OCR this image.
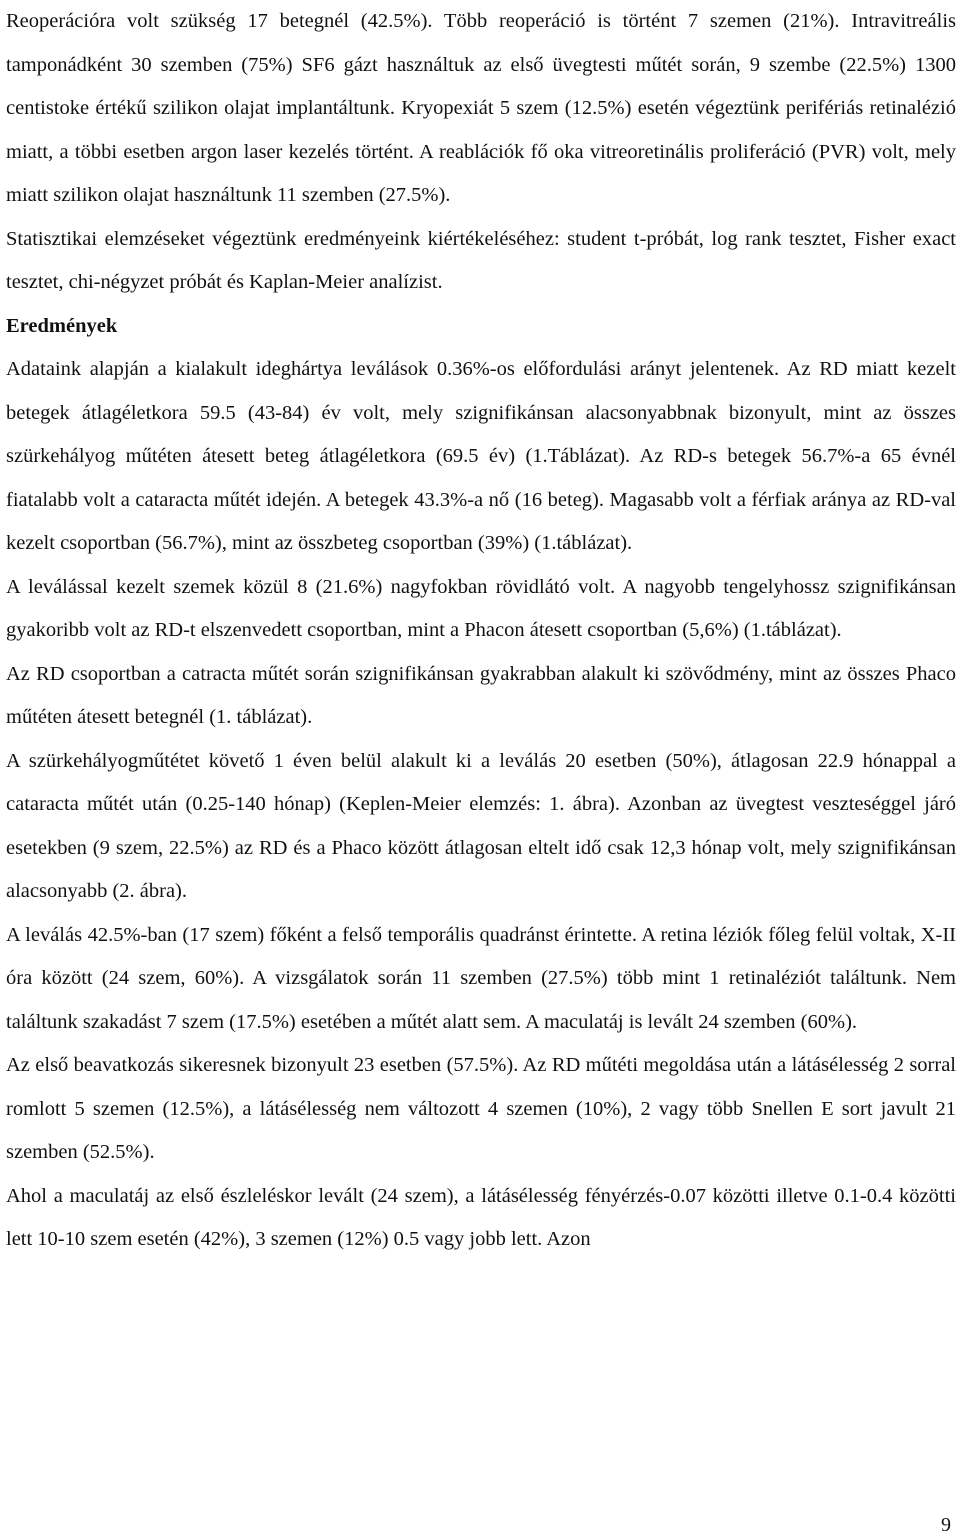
Reoperációra volt szükség 17 betegnél (42.5%). Több reoperáció is történt 7 szemen (21%). Intravitreális tamponádként 30 szemben (75%) SF6 gázt használtuk az első üvegtesti műtét során, 9 szembe (22.5%) 1300 centistoke értékű szilikon olajat implantáltunk. Kryopexiát 5 szem (12.5%) esetén végeztünk perifériás retinalézió miatt, a többi esetben argon laser kezelés történt. A reablációk fő oka vitreoretinális proliferáció (PVR) volt, mely miatt szilikon olajat használtunk 11 szemben (27.5%).

Statisztikai elemzéseket végeztünk eredményeink kiértékeléséhez: student t-próbát, log rank tesztet, Fisher exact tesztet, chi-négyzet próbát és Kaplan-Meier analízist.

Eredmények

Adataink alapján a kialakult ideghártya leválások 0.36%-os előfordulási arányt jelentenek. Az RD miatt kezelt betegek átlagéletkora 59.5 (43-84) év volt, mely szignifikánsan alacsonyabbnak bizonyult, mint az összes szürkehályog műtéten átesett beteg átlagéletkora (69.5 év) (1.Táblázat). Az RD-s betegek 56.7%-a 65 évnél fiatalabb volt a cataracta műtét idején. A betegek 43.3%-a nő (16 beteg). Magasabb volt a férfiak aránya az RD-val kezelt csoportban (56.7%), mint az összbeteg csoportban (39%) (1.táblázat).

A leválással kezelt szemek közül 8 (21.6%) nagyfokban rövidlátó volt. A nagyobb tengelyhossz szignifikánsan gyakoribb volt az RD-t elszenvedett csoportban, mint a Phacon átesett csoportban (5,6%) (1.táblázat).

Az RD csoportban a catracta műtét során szignifikánsan gyakrabban alakult ki szövődmény, mint az összes Phaco műtéten átesett betegnél (1. táblázat).

A szürkehályogműtétet követő 1 éven belül alakult ki a leválás 20 esetben (50%), átlagosan 22.9 hónappal a cataracta műtét után (0.25-140 hónap) (Keplen-Meier elemzés: 1. ábra). Azonban az üvegtest veszteséggel járó esetekben (9 szem, 22.5%) az RD és a Phaco között átlagosan eltelt idő csak 12,3 hónap volt, mely szignifikánsan alacsonyabb (2. ábra).

A leválás 42.5%-ban (17 szem) főként a felső temporális quadránst érintette. A retina léziók főleg felül voltak, X-II óra között (24 szem, 60%). A vizsgálatok során 11 szemben (27.5%) több mint 1 retinaléziót találtunk. Nem találtunk szakadást 7 szem (17.5%) esetében a műtét alatt sem. A maculatáj is levált 24 szemben (60%).

Az első beavatkozás sikeresnek bizonyult 23 esetben (57.5%). Az RD műtéti megoldása után a látásélesség 2 sorral romlott 5 szemen (12.5%), a látásélesség nem változott 4 szemen (10%), 2 vagy több Snellen E sort javult 21 szemben (52.5%).

Ahol a maculatáj az első észleléskor levált (24 szem), a látásélesség fényérzés-0.07 közötti illetve 0.1-0.4 közötti lett 10-10 szem esetén (42%), 3 szemen (12%) 0.5 vagy jobb lett. Azon

9
